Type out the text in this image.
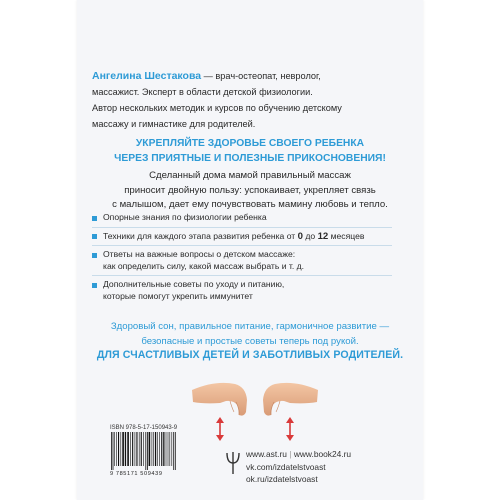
Ангелина Шестакова — врач-остеопат, невролог,
массажист. Эксперт в области детской физиологии.
Автор нескольких методик и курсов по обучению детскому
массажу и гимнастике для родителей.
УКРЕПЛЯЙТЕ ЗДОРОВЬЕ СВОЕГО РЕБЕНКА
ЧЕРЕЗ ПРИЯТНЫЕ И ПОЛЕЗНЫЕ ПРИКОСНОВЕНИЯ!
Сделанный дома мамой правильный массаж
приносит двойную пользу: успокаивает, укрепляет связь
с малышом, дает ему почувствовать мамину любовь и тепло.
Опорные знания по физиологии ребенка
Техники для каждого этапа развития ребенка от 0 до 12 месяцев
Ответы на важные вопросы о детском массаже:
как определить силу, какой массаж выбрать и т. д.
Дополнительные советы по уходу и питанию,
которые помогут укрепить иммунитет
Здоровый сон, правильное питание, гармоничное развитие —
безопасные и простые советы теперь под рукой.
ДЛЯ СЧАСТЛИВЫХ ДЕТЕЙ И ЗАБОТЛИВЫХ РОДИТЕЛЕЙ.
ISBN 978-5-17-150943-9
9 785171 509439
www.ast.ru | www.book24.ru
vk.com/izdatelstvoast
ok.ru/izdatelstvoast
